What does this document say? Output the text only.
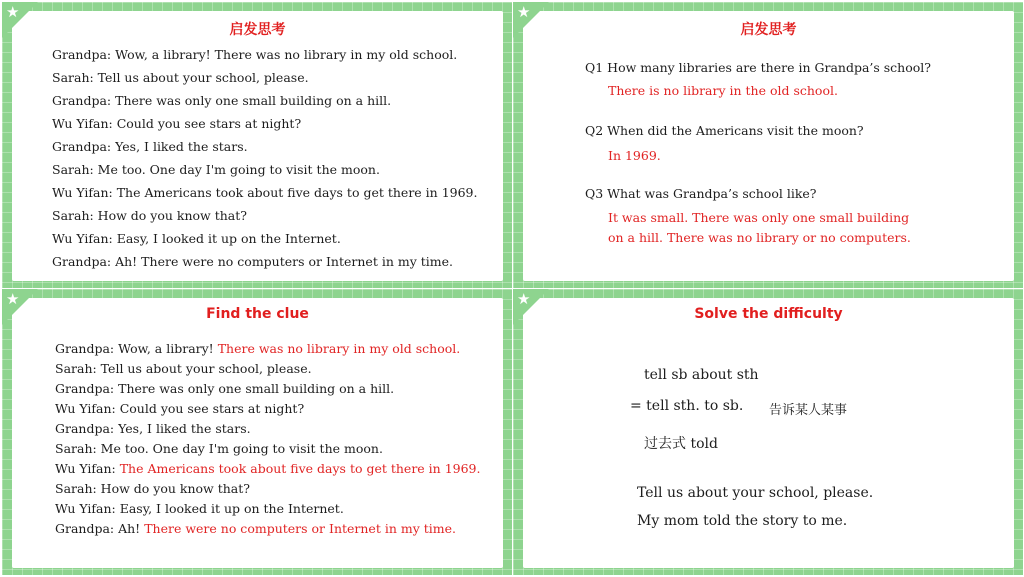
★
启发思考
Grandpa: Wow, a library! There was no library in my old school.
Sarah: Tell us about your school, please.
Grandpa: There was only one small building on a hill.
Wu Yifan: Could you see stars at night?
Grandpa: Yes, I liked the stars.
Sarah: Me too. One day I'm going to visit the moon.
Wu Yifan: The Americans took about five days to get there in 1969.
Sarah: How do you know that?
Wu Yifan: Easy, I looked it up on the Internet.
Grandpa: Ah! There were no computers or Internet in my time.
★
启发思考
Q1 How many libraries are there in Grandpa’s school?
There is no library in the old school.
Q2 When did the Americans visit the moon?
In 1969.
Q3 What was Grandpa’s school like?
It was small. There was only one small building
on a hill. There was no library or no computers.
★
Find the clue
Grandpa: Wow, a library! There was no library in my old school.
Sarah: Tell us about your school, please.
Grandpa: There was only one small building on a hill.
Wu Yifan: Could you see stars at night?
Grandpa: Yes, I liked the stars.
Sarah: Me too. One day I'm going to visit the moon.
Wu Yifan: The Americans took about five days to get there in 1969.
Sarah: How do you know that?
Wu Yifan: Easy, I looked it up on the Internet.
Grandpa: Ah! There were no computers or Internet in my time.
★
Solve the difficulty
tell sb about sth
= tell sth. to sb. 告诉某人某事
过去式 told
Tell us about your school, please.
My mom told the story to me.
